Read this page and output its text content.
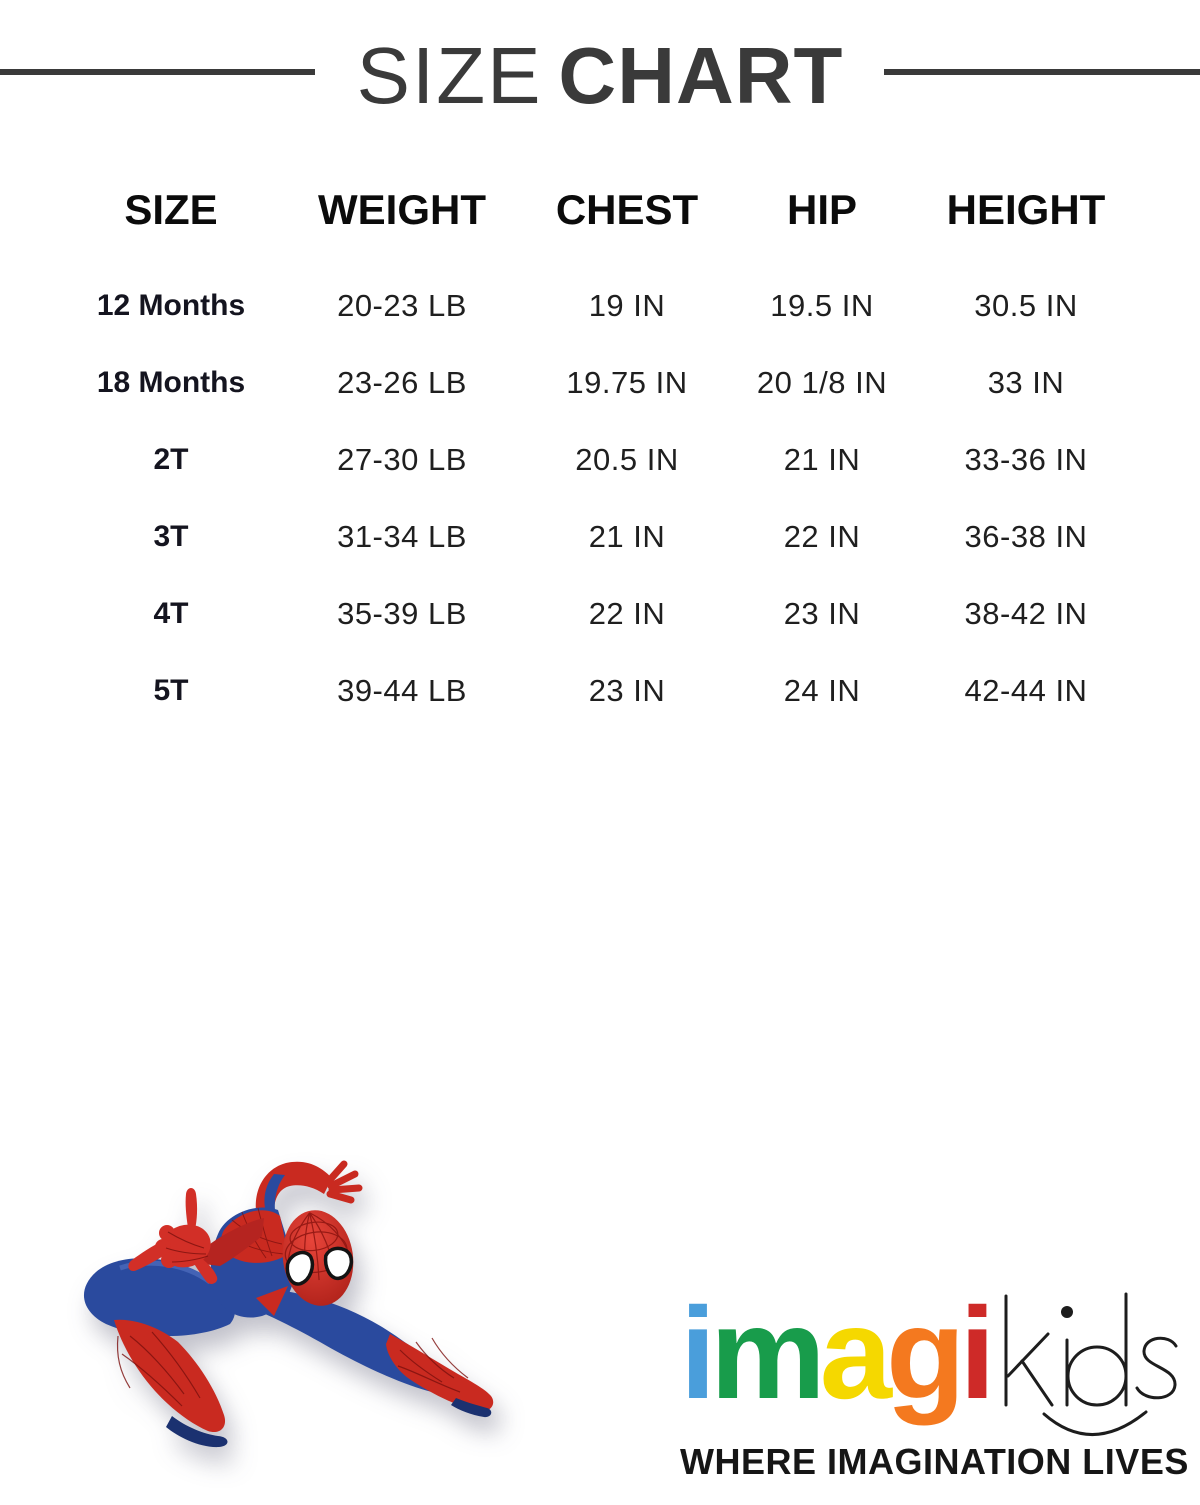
SIZE CHART
SIZE	WEIGHT	CHEST	HIP	HEIGHT
12 Months	20-23 LB	19 IN	19.5 IN	30.5 IN
18 Months	23-26 LB	19.75 IN	20 1/8 IN	33 IN
2T	27-30 LB	20.5 IN	21 IN	33-36 IN
3T	31-34 LB	21 IN	22 IN	36-38 IN
4T	35-39 LB	22 IN	23 IN	38-42 IN
5T	39-44 LB	23 IN	24 IN	42-44 IN
imagi
WHERE IMAGINATION LIVES
